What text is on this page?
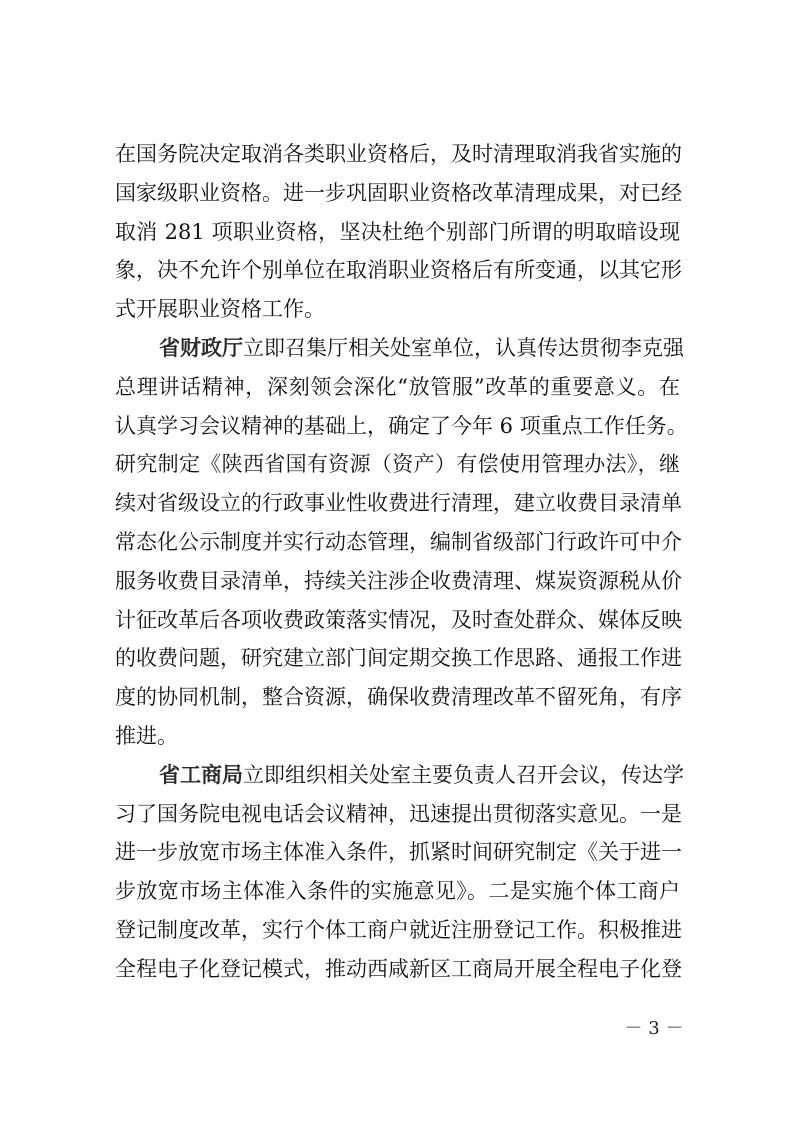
在国务院决定取消各类职业资格后，及时清理取消我省实施的
国家级职业资格。进一步巩固职业资格改革清理成果，对已经
取消 281 项职业资格，坚决杜绝个别部门所谓的明取暗设现
象，决不允许个别单位在取消职业资格后有所变通，以其它形
式开展职业资格工作。
省财政厅立即召集厅相关处室单位，认真传达贯彻李克强
总理讲话精神，深刻领会深化“放管服”改革的重要意义。在
认真学习会议精神的基础上，确定了今年 6 项重点工作任务。
研究制定《陕西省国有资源（资产）有偿使用管理办法》，继
续对省级设立的行政事业性收费进行清理，建立收费目录清单
常态化公示制度并实行动态管理，编制省级部门行政许可中介
服务收费目录清单，持续关注涉企收费清理、煤炭资源税从价
计征改革后各项收费政策落实情况，及时查处群众、媒体反映
的收费问题，研究建立部门间定期交换工作思路、通报工作进
度的协同机制，整合资源，确保收费清理改革不留死角，有序
推进。
省工商局立即组织相关处室主要负责人召开会议，传达学
习了国务院电视电话会议精神，迅速提出贯彻落实意见。一是
进一步放宽市场主体准入条件，抓紧时间研究制定《关于进一
步放宽市场主体准入条件的实施意见》。二是实施个体工商户
登记制度改革，实行个体工商户就近注册登记工作。积极推进
全程电子化登记模式，推动西咸新区工商局开展全程电子化登
－ 3 －
